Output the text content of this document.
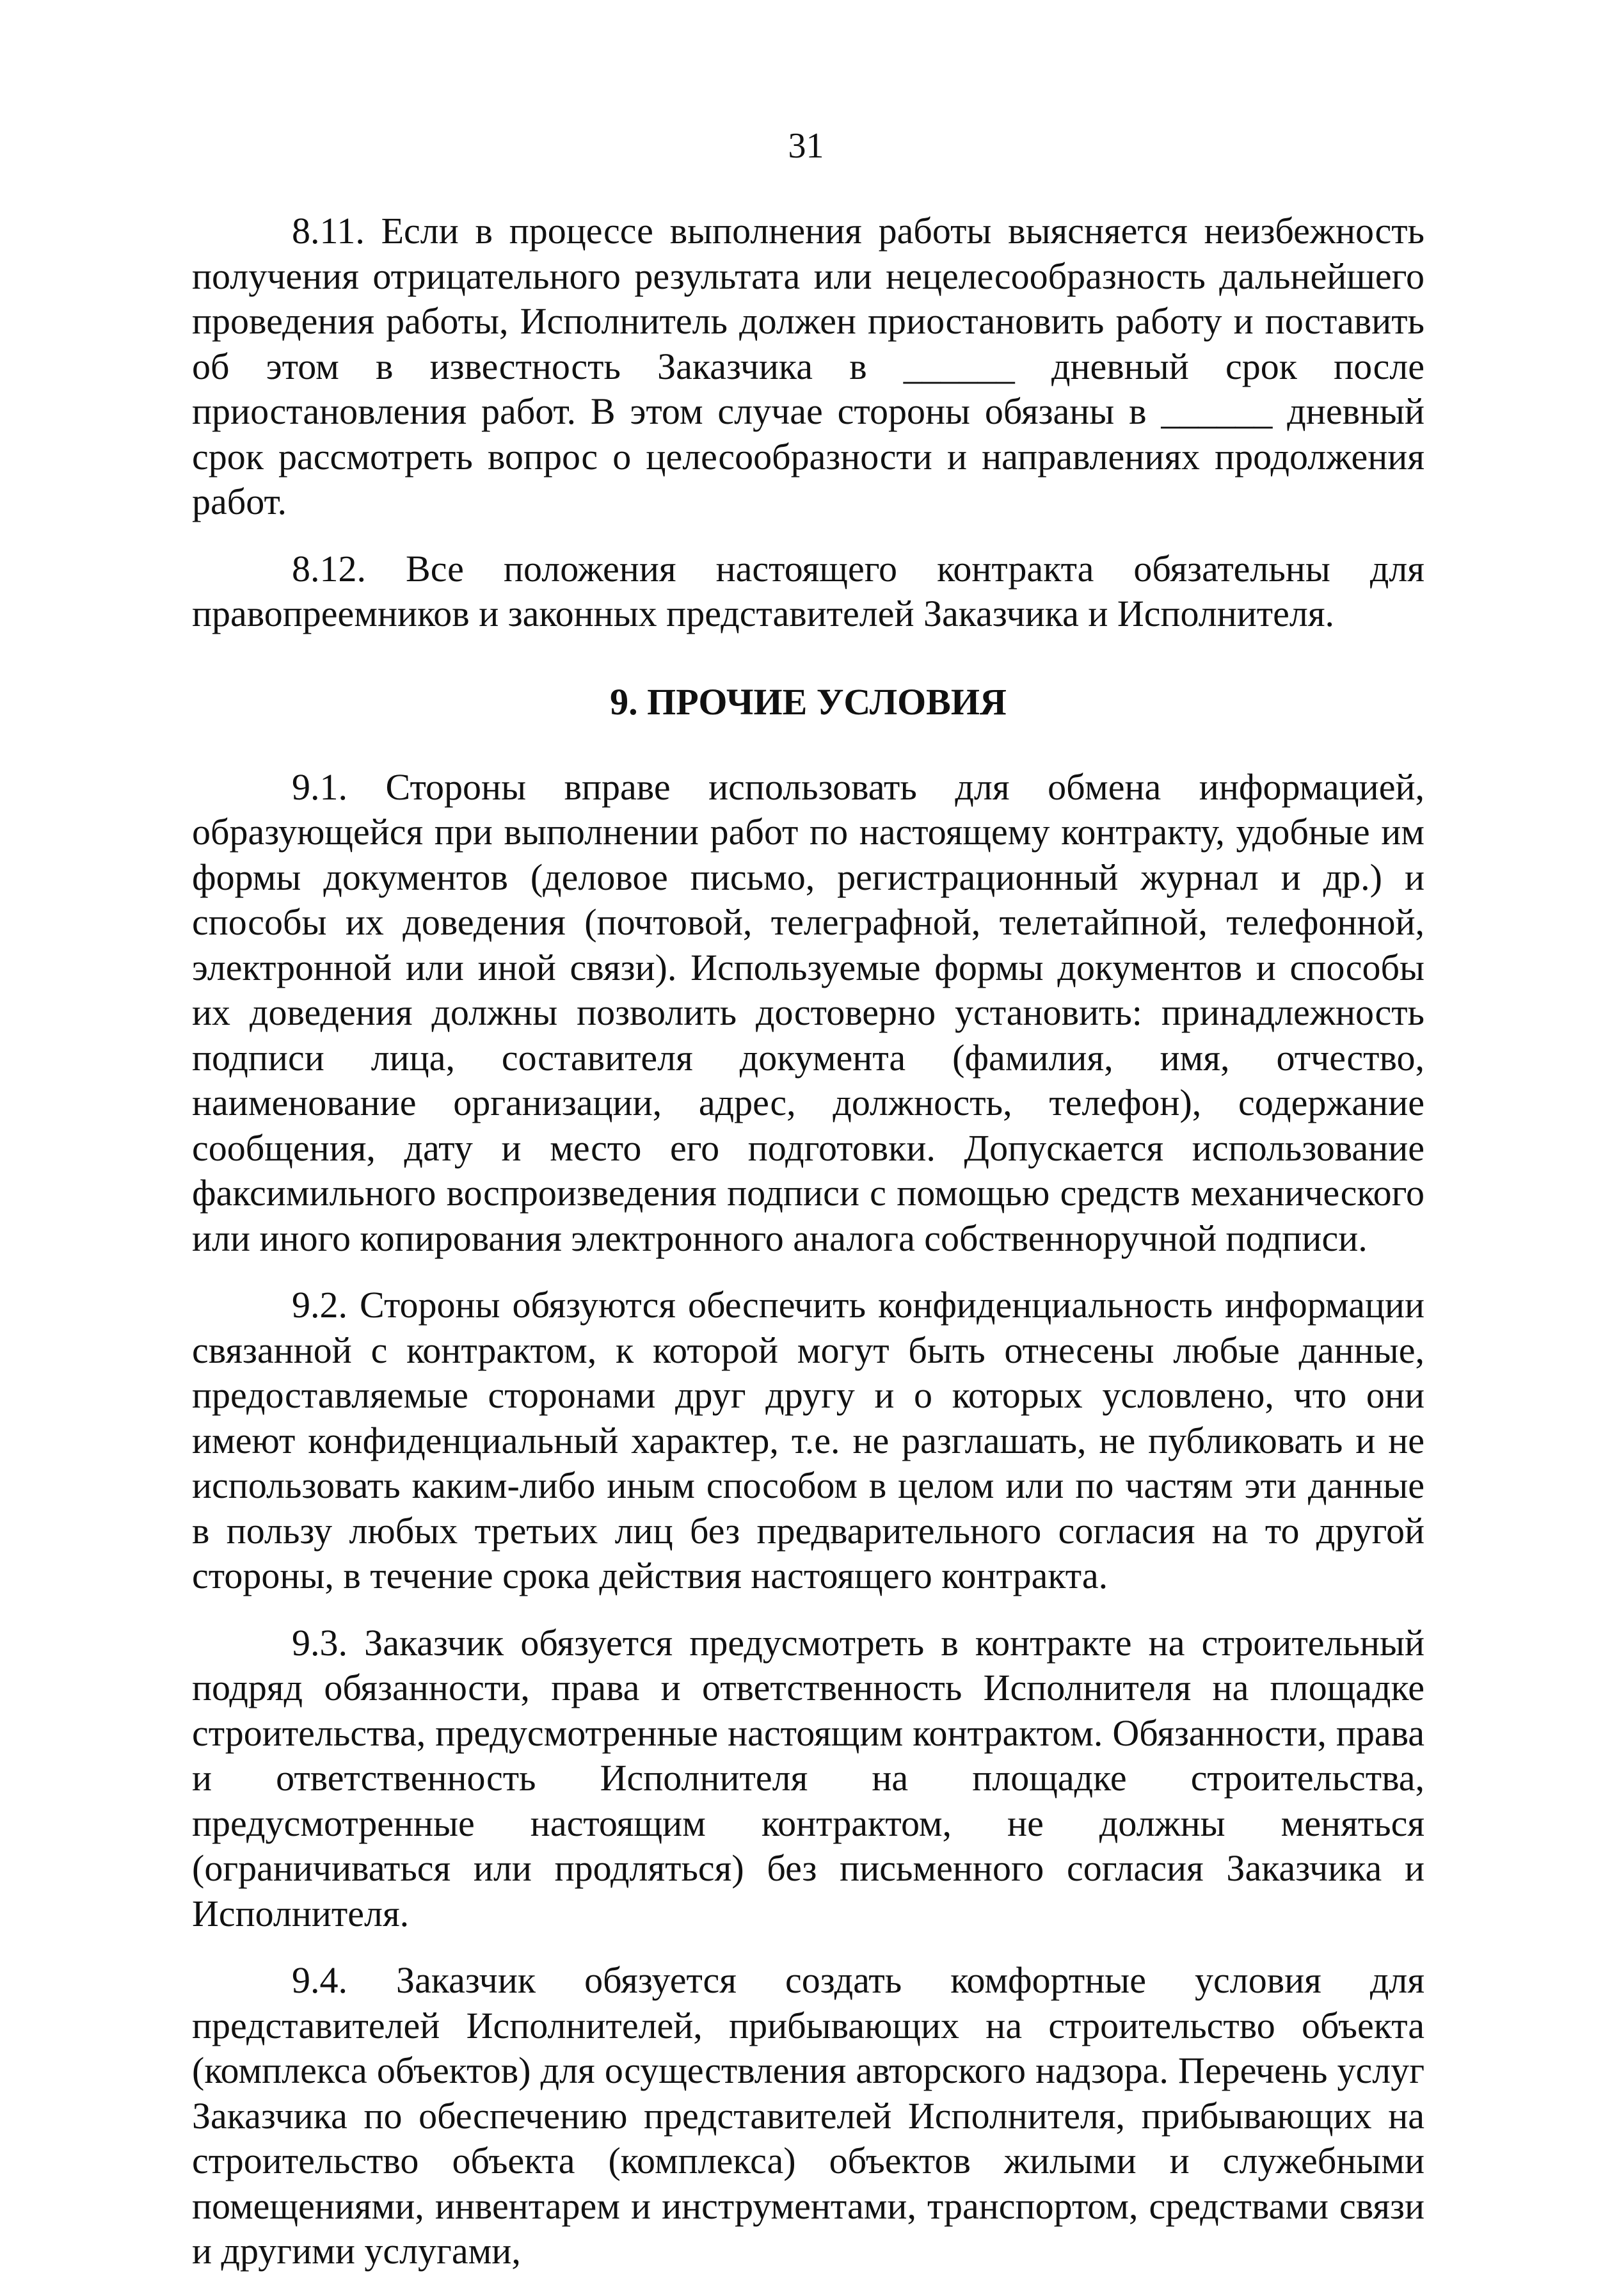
31

8.11. Если в процессе выполнения работы выясняется неизбежность получения отрицательного результата или нецелесообразность дальнейшего проведения работы, Исполнитель должен приостановить работу и поставить об этом в известность Заказчика в ______ дневный срок после приостановления работ. В этом случае стороны обязаны в ______ дневный срок рассмотреть вопрос о целесообразности и направлениях продолжения работ.

8.12. Все положения настоящего контракта обязательны для правопреемников и законных представителей Заказчика и Исполнителя.

9. ПРОЧИЕ УСЛОВИЯ

9.1. Стороны вправе использовать для обмена информацией, образующейся при выполнении работ по настоящему контракту, удобные им формы документов (деловое письмо, регистрационный журнал и др.) и способы их доведения (почтовой, телеграфной, телетайпной, телефонной, электронной или иной связи). Используемые формы документов и способы их доведения должны позволить достоверно установить: принадлежность подписи лица, составителя документа (фамилия, имя, отчество, наименование организации, адрес, должность, телефон), содержание сообщения, дату и место его подготовки. Допускается использование факсимильного воспроизведения подписи с помощью средств механического или иного копирования электронного аналога собственноручной подписи.

9.2. Стороны обязуются обеспечить конфиденциальность информации связанной с контрактом, к которой могут быть отнесены любые данные, предоставляемые сторонами друг другу и о которых условлено, что они имеют конфиденциальный характер, т.е. не разглашать, не публиковать и не использовать каким-либо иным способом в целом или по частям эти данные в пользу любых третьих лиц без предварительного согласия на то другой стороны, в течение срока действия настоящего контракта.

9.3. Заказчик обязуется предусмотреть в контракте на строительный подряд обязанности, права и ответственность Исполнителя на площадке строительства, предусмотренные настоящим контрактом. Обязанности, права и ответственность Исполнителя на площадке строительства, предусмотренные настоящим контрактом, не должны меняться (ограничиваться или продляться) без письменного согласия Заказчика и Исполнителя.

9.4. Заказчик обязуется создать комфортные условия для представителей Исполнителей, прибывающих на строительство объекта (комплекса объектов) для осуществления авторского надзора. Перечень услуг Заказчика по обеспечению представителей Исполнителя, прибывающих на строительство объекта (комплекса) объектов жилыми и служебными помещениями, инвентарем и инструментами, транспортом, средствами связи и другими услугами,
